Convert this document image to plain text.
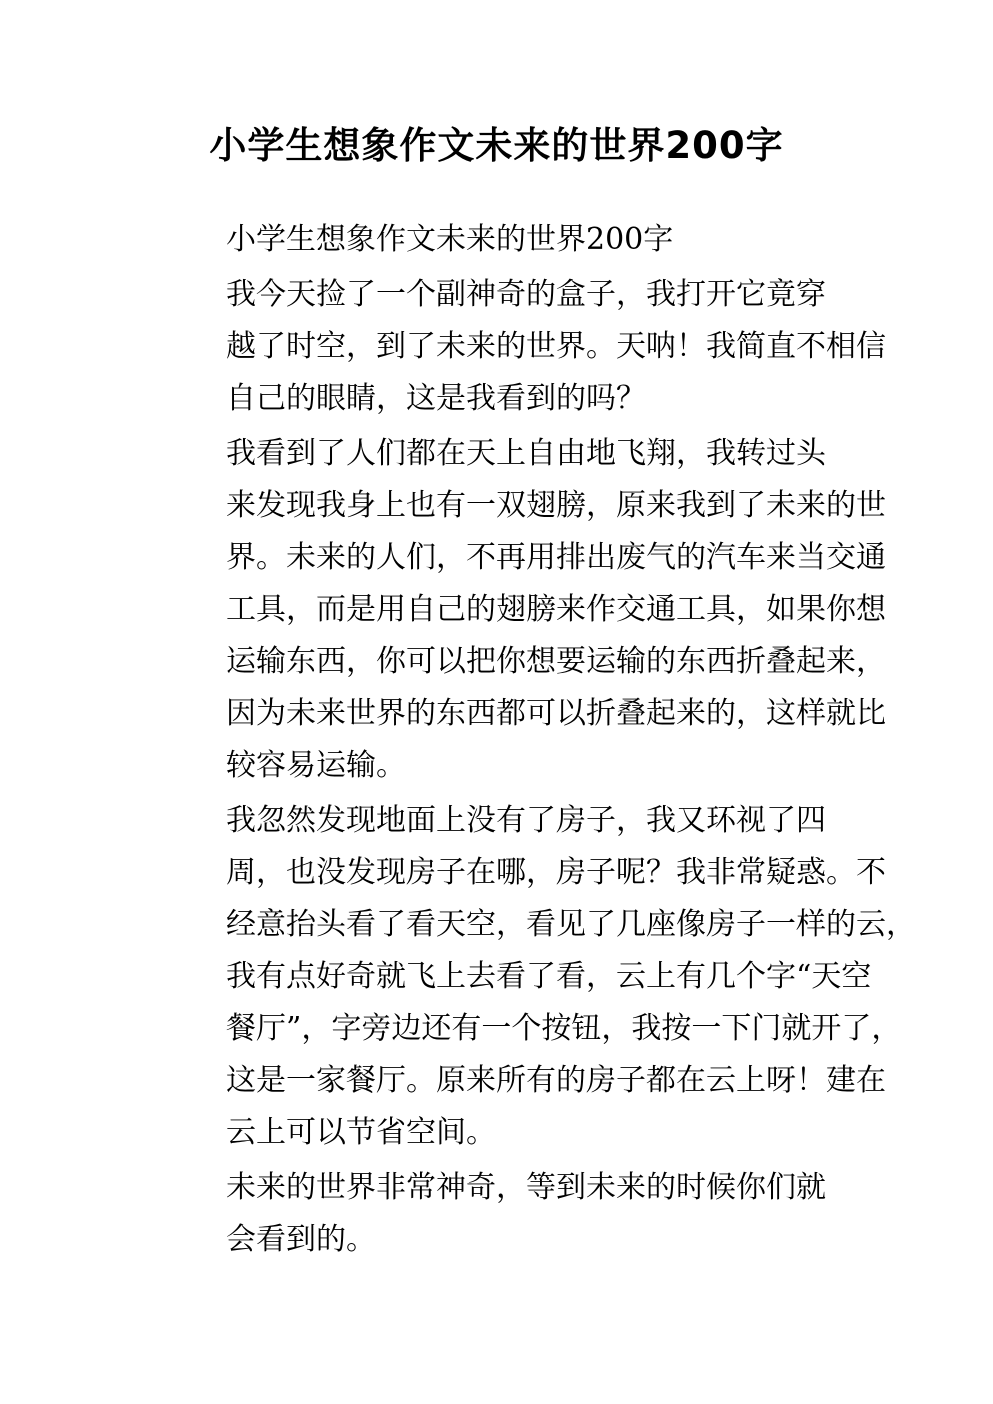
小学生想象作文未来的世界200字

小学生想象作文未来的世界200字

我今天捡了一个副神奇的盒子，我打开它竟穿
越了时空，到了未来的世界。天呐！我简直不相信
自己的眼睛，这是我看到的吗？

我看到了人们都在天上自由地飞翔，我转过头
来发现我身上也有一双翅膀，原来我到了未来的世
界。未来的人们，不再用排出废气的汽车来当交通
工具，而是用自己的翅膀来作交通工具，如果你想
运输东西，你可以把你想要运输的东西折叠起来，
因为未来世界的东西都可以折叠起来的，这样就比
较容易运输。

我忽然发现地面上没有了房子，我又环视了四
周，也没发现房子在哪，房子呢？我非常疑惑。不
经意抬头看了看天空，看见了几座像房子一样的云，
我有点好奇就飞上去看了看，云上有几个字“天空
餐厅”，字旁边还有一个按钮，我按一下门就开了，
这是一家餐厅。原来所有的房子都在云上呀！建在
云上可以节省空间。

未来的世界非常神奇，等到未来的时候你们就
会看到的。
